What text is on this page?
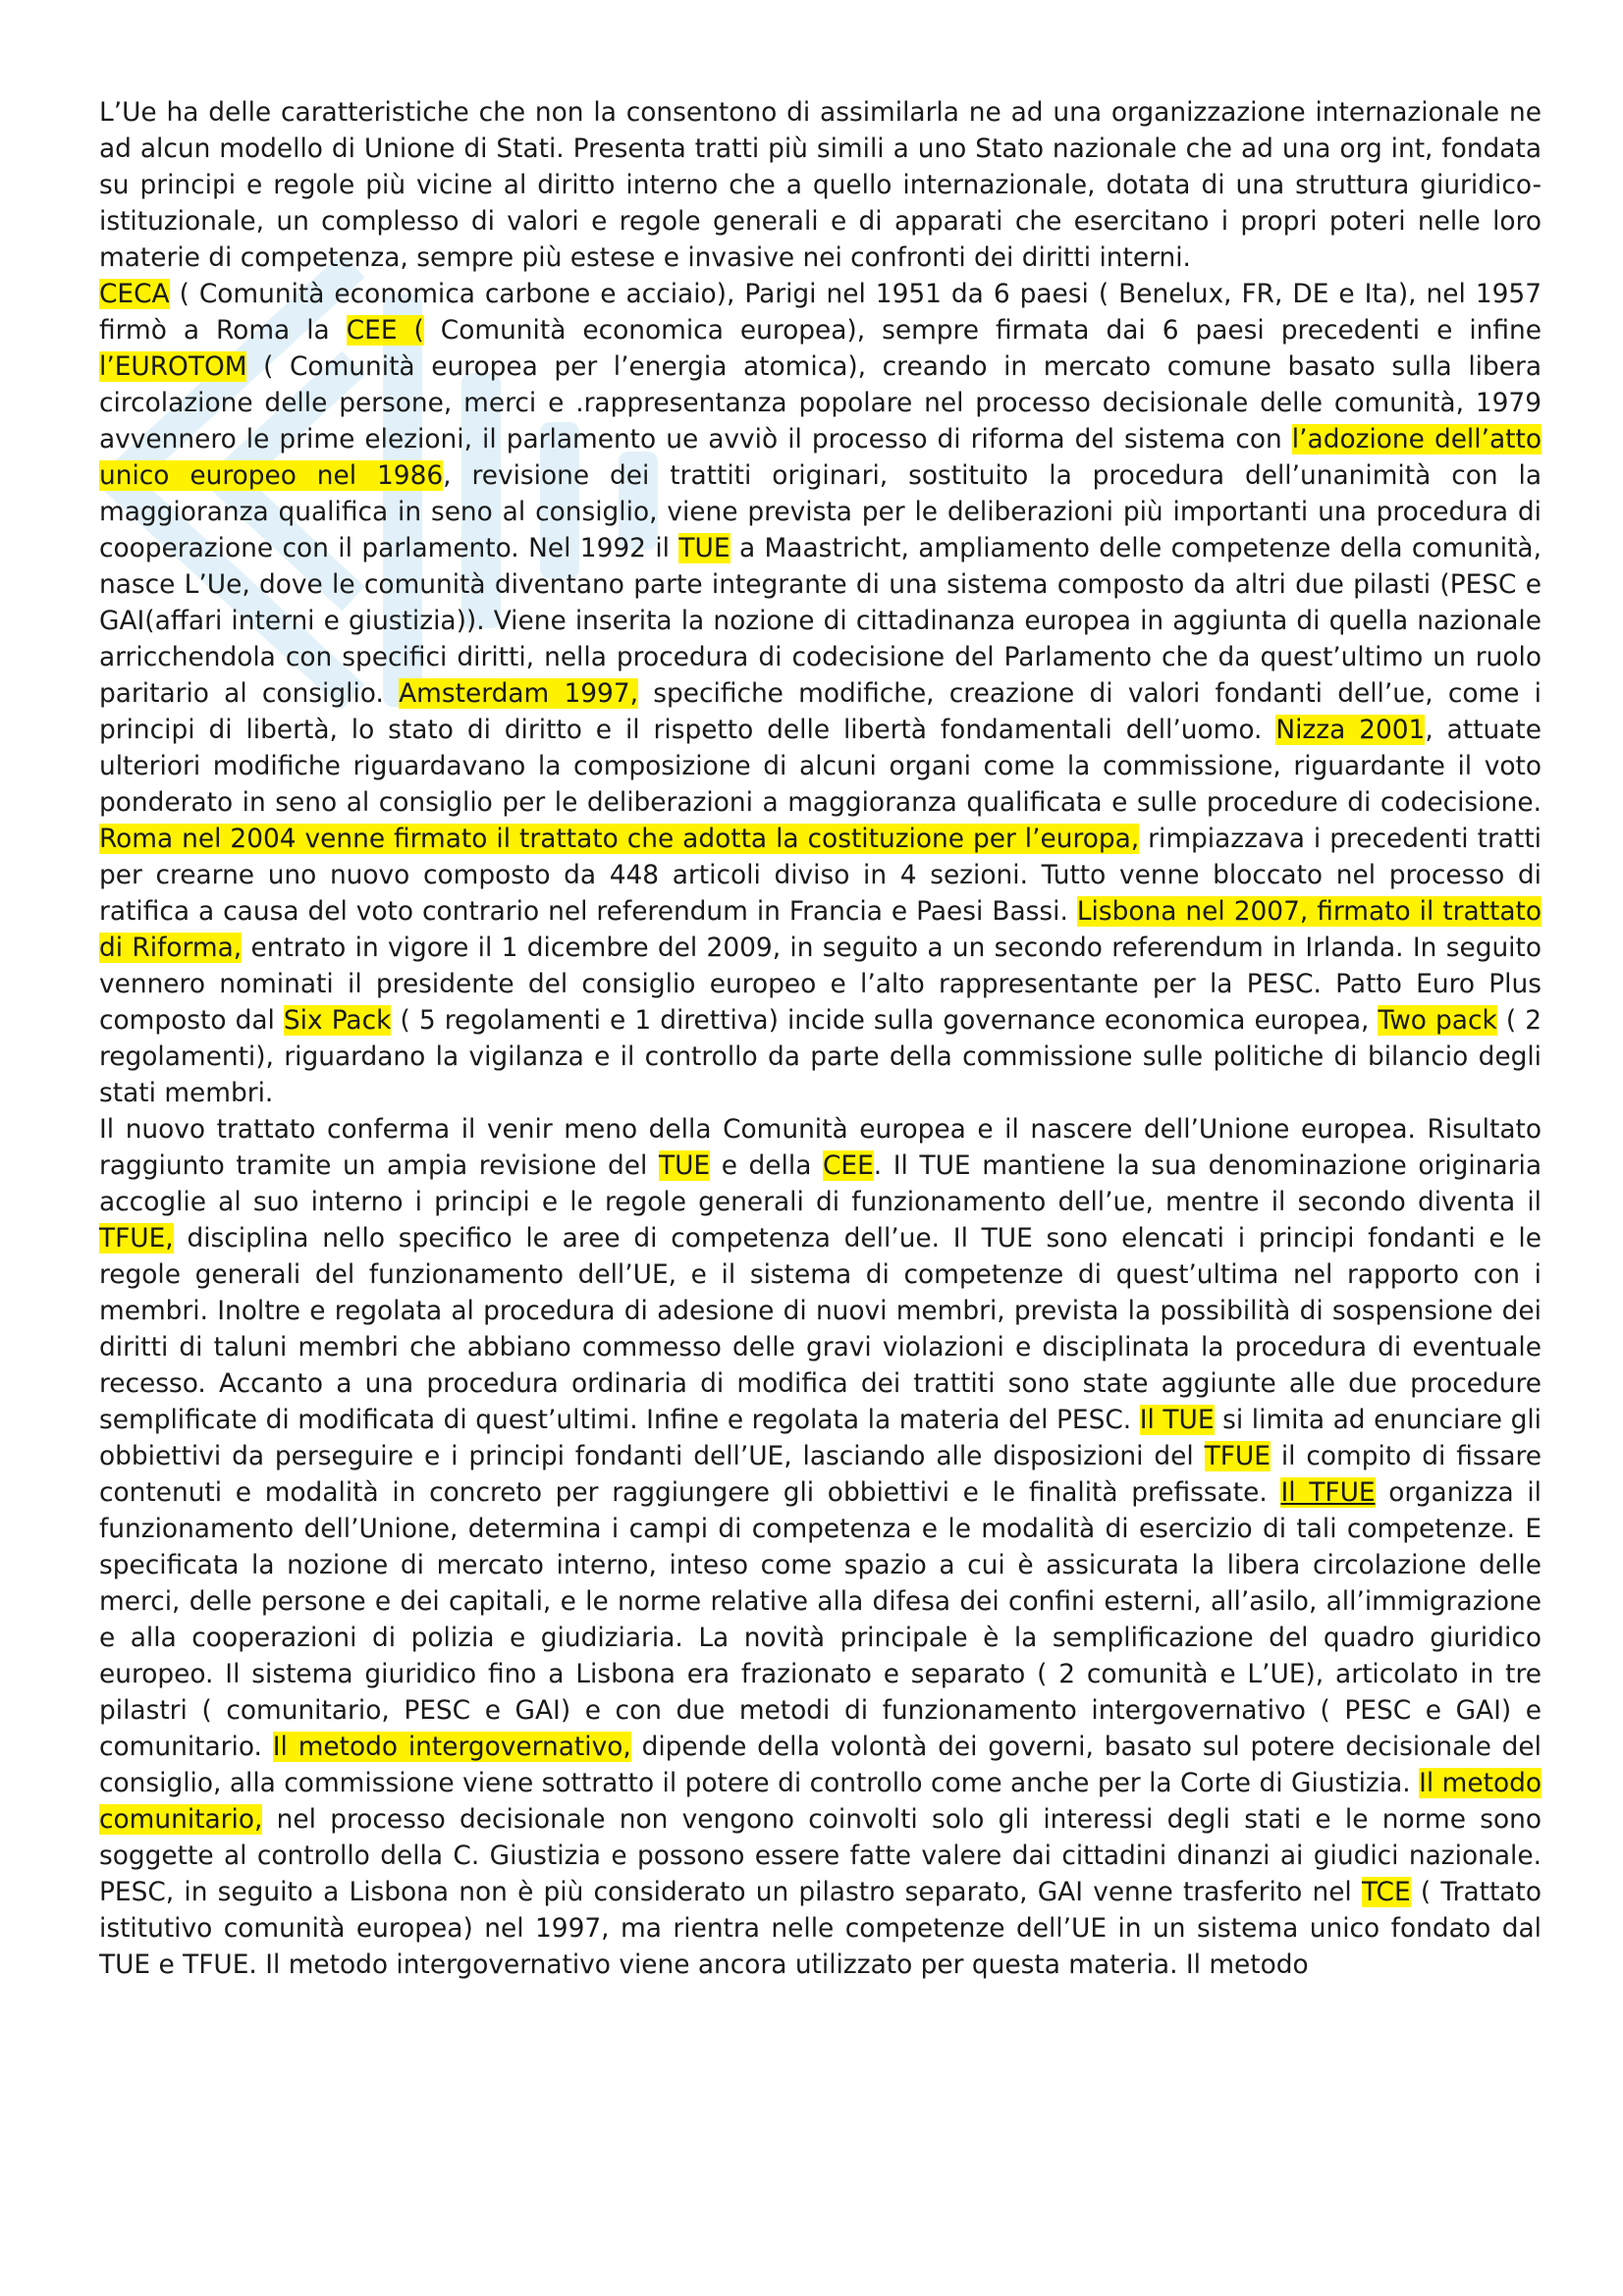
L’Ue ha delle caratteristiche che non la consentono di assimilarla ne ad una organizzazione internazionale ne ad alcun modello di Unione di Stati. Presenta tratti più simili a uno Stato nazionale che ad una org int, fondata su principi e regole più vicine al diritto interno che a quello internazionale, dotata di una struttura giuridico-istituzionale, un complesso di valori e regole generali e di apparati che esercitano i propri poteri nelle loro materie di competenza, sempre più estese e invasive nei confronti dei diritti interni.

CECA ( Comunità economica carbone e acciaio), Parigi nel 1951 da 6 paesi ( Benelux, FR, DE e Ita), nel 1957 firmò a Roma la CEE ( Comunità economica europea), sempre firmata dai 6 paesi precedenti e infine l’EUROTOM ( Comunità europea per l’energia atomica), creando in mercato comune basato sulla libera circolazione delle persone, merci e .rappresentanza popolare nel processo decisionale delle comunità, 1979 avvennero le prime elezioni, il parlamento ue avviò il processo di riforma del sistema con l’adozione dell’atto unico europeo nel 1986, revisione dei trattiti originari, sostituito la procedura dell’unanimità con la maggioranza qualifica in seno al consiglio, viene prevista per le deliberazioni più importanti una procedura di cooperazione con il parlamento. Nel 1992 il TUE a Maastricht, ampliamento delle competenze della comunità, nasce L’Ue, dove le comunità diventano parte integrante di una sistema composto da altri due pilasti (PESC e GAI(affari interni e giustizia)). Viene inserita la nozione di cittadinanza europea in aggiunta di quella nazionale arricchendola con specifici diritti, nella procedura di codecisione del Parlamento che da quest’ultimo un ruolo paritario al consiglio. Amsterdam 1997, specifiche modifiche, creazione di valori fondanti dell’ue, come i principi di libertà, lo stato di diritto e il rispetto delle libertà fondamentali dell’uomo. Nizza 2001, attuate ulteriori modifiche riguardavano la composizione di alcuni organi come la commissione, riguardante il voto ponderato in seno al consiglio per le deliberazioni a maggioranza qualificata e sulle procedure di codecisione. Roma nel 2004 venne firmato il trattato che adotta la costituzione per l’europa, rimpiazzava i precedenti tratti per crearne uno nuovo composto da 448 articoli diviso in 4 sezioni. Tutto venne bloccato nel processo di ratifica a causa del voto contrario nel referendum in Francia e Paesi Bassi. Lisbona nel 2007, firmato il trattato di Riforma, entrato in vigore il 1 dicembre del 2009, in seguito a un secondo referendum in Irlanda. In seguito vennero nominati il presidente del consiglio europeo e l’alto rappresentante per la PESC. Patto Euro Plus composto dal Six Pack ( 5 regolamenti e 1 direttiva) incide sulla governance economica europea, Two pack ( 2 regolamenti), riguardano la vigilanza e il controllo da parte della commissione sulle politiche di bilancio degli stati membri.

Il nuovo trattato conferma il venir meno della Comunità europea e il nascere dell’Unione europea. Risultato raggiunto tramite un ampia revisione del TUE e della CEE. Il TUE mantiene la sua denominazione originaria accoglie al suo interno i principi e le regole generali di funzionamento dell’ue, mentre il secondo diventa il TFUE, disciplina nello specifico le aree di competenza dell’ue. Il TUE sono elencati i principi fondanti e le regole generali del funzionamento dell’UE, e il sistema di competenze di quest’ultima nel rapporto con i membri. Inoltre e regolata al procedura di adesione di nuovi membri, prevista la possibilità di sospensione dei diritti di taluni membri che abbiano commesso delle gravi violazioni e disciplinata la procedura di eventuale recesso. Accanto a una procedura ordinaria di modifica dei trattiti sono state aggiunte alle due procedure semplificate di modificata di quest’ultimi. Infine e regolata la materia del PESC. Il TUE si limita ad enunciare gli obbiettivi da perseguire e i principi fondanti dell’UE, lasciando alle disposizioni del TFUE il compito di fissare contenuti e modalità in concreto per raggiungere gli obbiettivi e le finalità prefissate. Il TFUE organizza il funzionamento dell’Unione, determina i campi di competenza e le modalità di esercizio di tali competenze. E specificata la nozione di mercato interno, inteso come spazio a cui è assicurata la libera circolazione delle merci, delle persone e dei capitali, e le norme relative alla difesa dei confini esterni, all’asilo, all’immigrazione e alla cooperazioni di polizia e giudiziaria. La novità principale è la semplificazione del quadro giuridico europeo. Il sistema giuridico fino a Lisbona era frazionato e separato ( 2 comunità e L’UE), articolato in tre pilastri ( comunitario, PESC e GAI) e con due metodi di funzionamento intergovernativo ( PESC e GAI) e comunitario. Il metodo intergovernativo, dipende della volontà dei governi, basato sul potere decisionale del consiglio, alla commissione viene sottratto il potere di controllo come anche per la Corte di Giustizia. Il metodo comunitario, nel processo decisionale non vengono coinvolti solo gli interessi degli stati e le norme sono soggette al controllo della C. Giustizia e possono essere fatte valere dai cittadini dinanzi ai giudici nazionale. PESC, in seguito a Lisbona non è più considerato un pilastro separato, GAI venne trasferito nel TCE ( Trattato istitutivo comunità europea) nel 1997, ma rientra nelle competenze dell’UE in un sistema unico fondato dal TUE e TFUE. Il metodo intergovernativo viene ancora utilizzato per questa materia. Il metodo
